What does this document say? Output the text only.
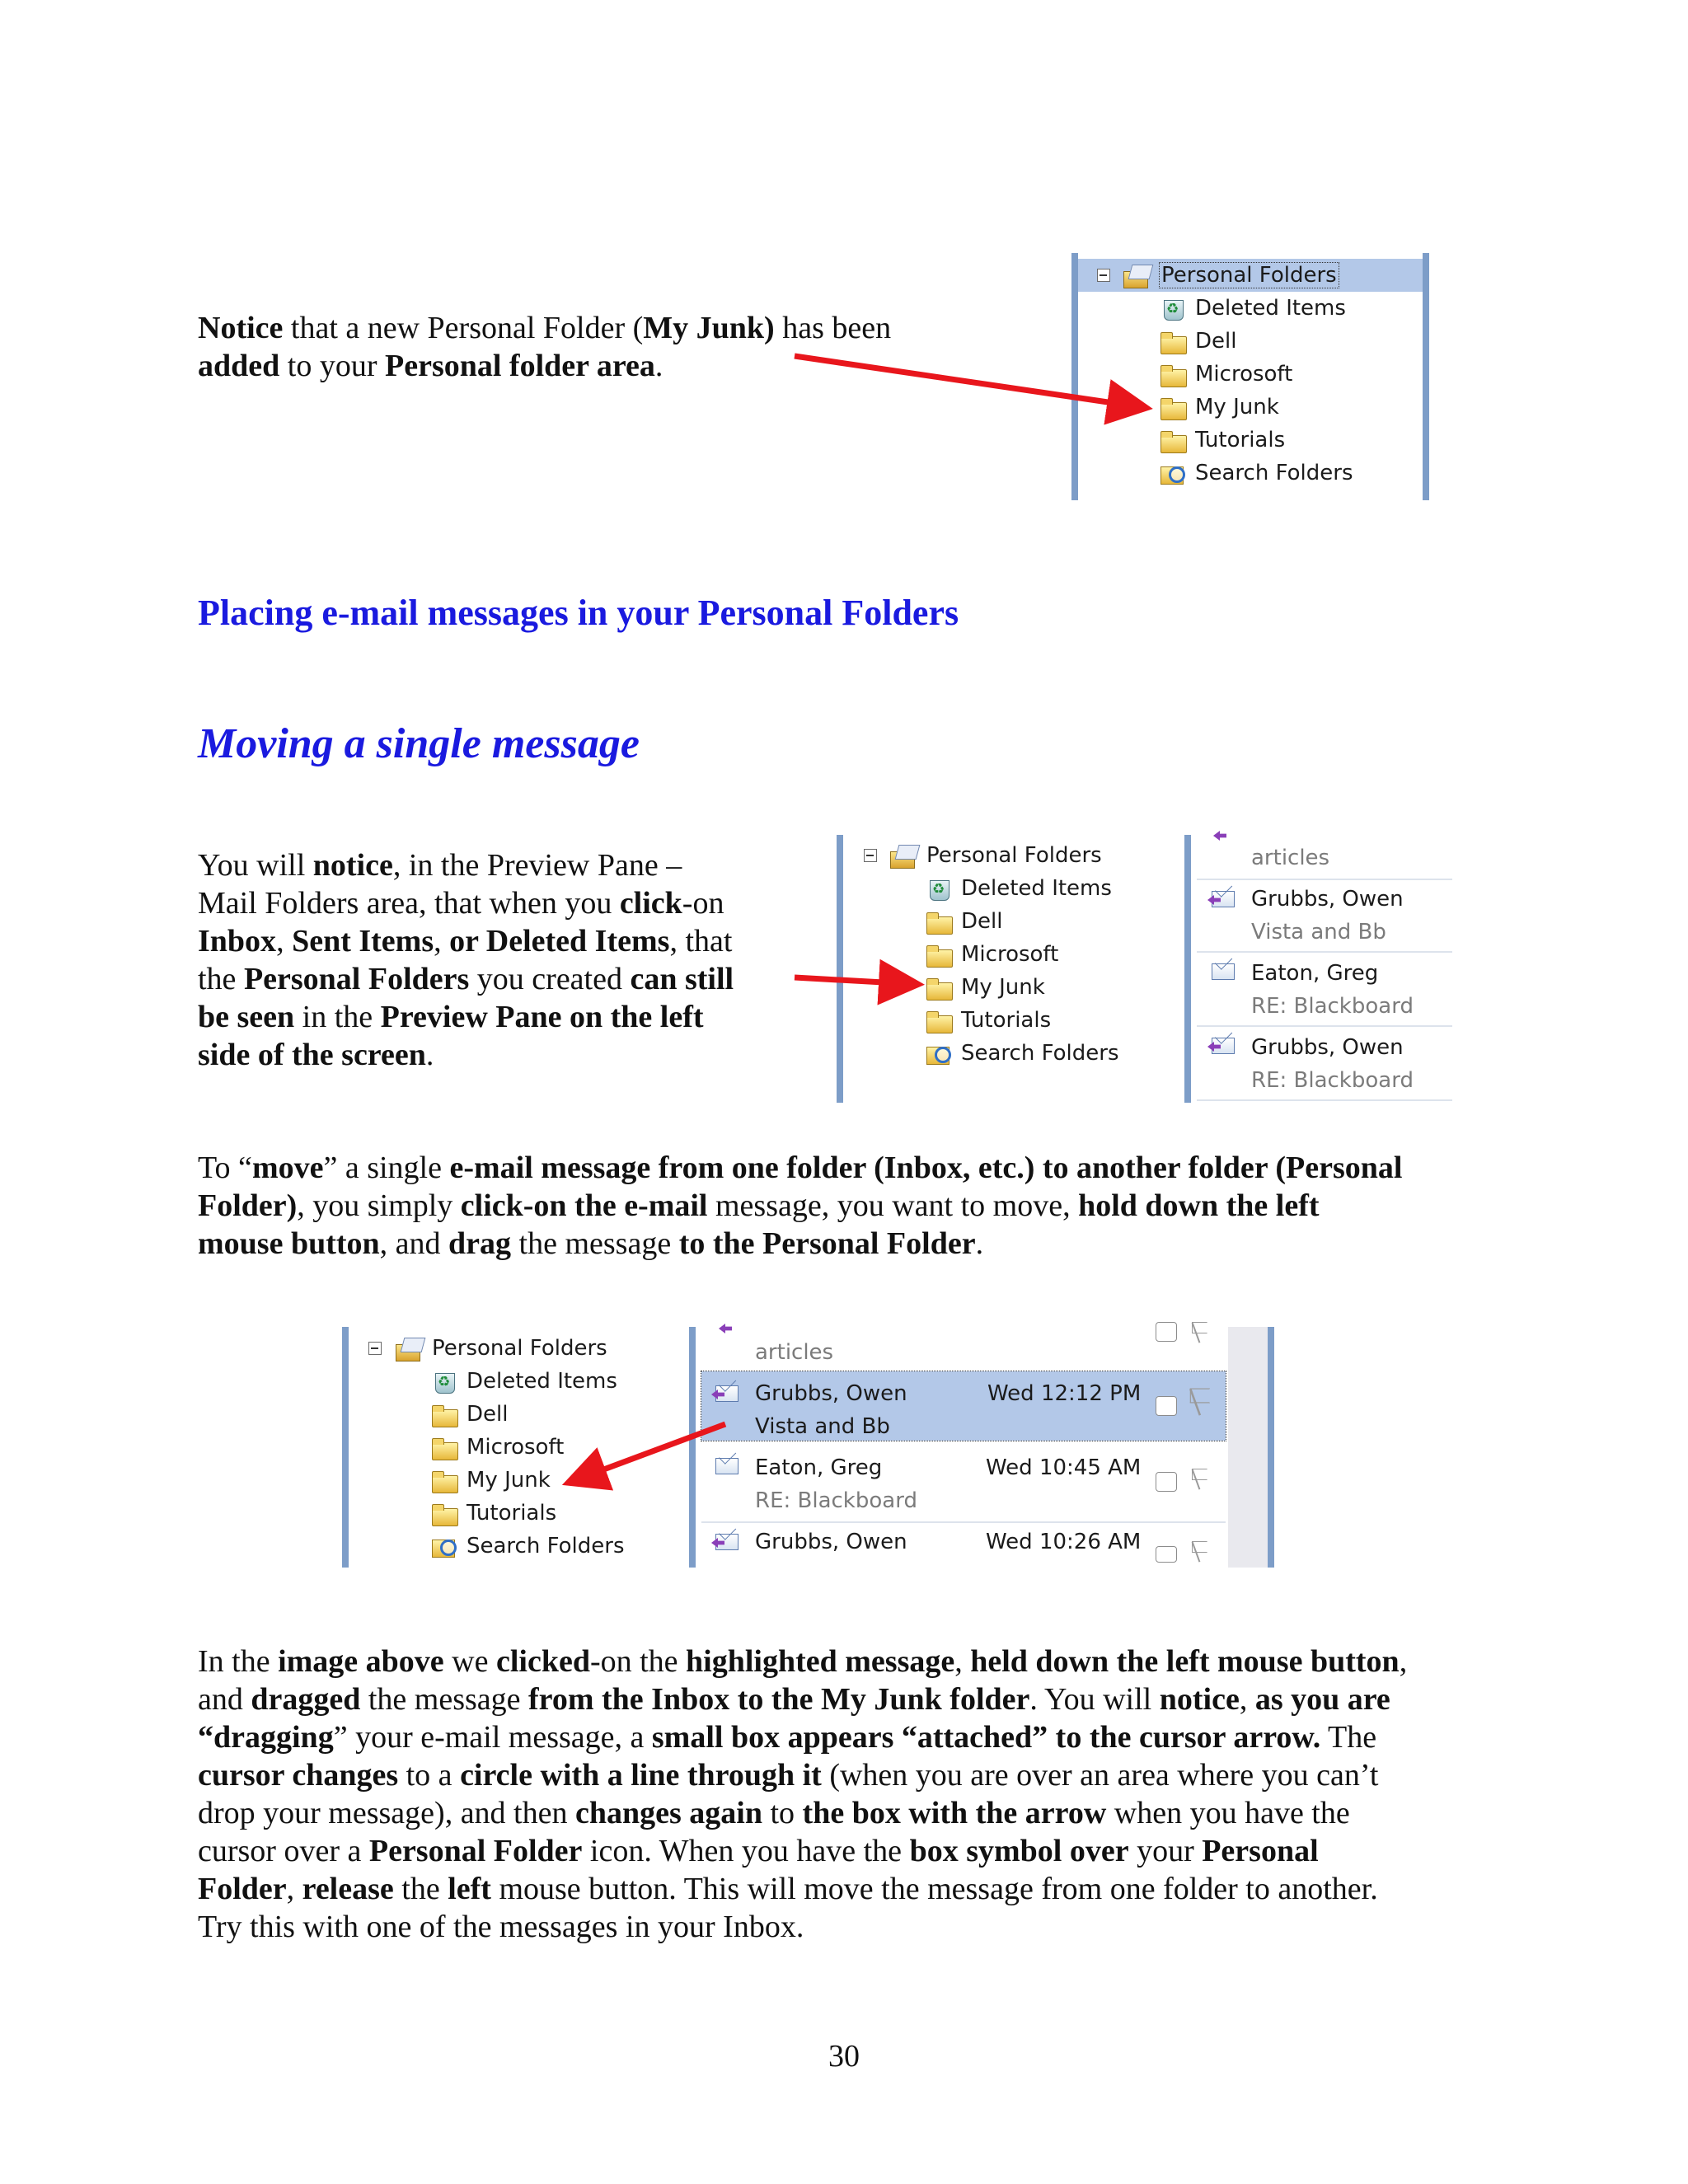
Notice that a new Personal Folder (My Junk) has been
added to your Personal folder area.
Personal Folders
♻
Deleted Items
Dell
Microsoft
My Junk
Tutorials
Search Folders
Placing e-mail messages in your Personal Folders
Moving a single message
You will notice, in the Preview Pane –
Mail Folders area, that when you click-on
Inbox, Sent Items, or Deleted Items, that
the Personal Folders you created can still
be seen in the Preview Pane on the left
side of the screen.
Personal Folders
♻
Deleted Items
Dell
Microsoft
My Junk
Tutorials
Search Folders
articles
Grubbs, Owen
Vista and Bb
Eaton, Greg
RE: Blackboard
Grubbs, Owen
RE: Blackboard
To “move” a single e-mail message from one folder (Inbox, etc.) to another folder (Personal
Folder), you simply click-on the e-mail message, you want to move, hold down the left
mouse button, and drag the message to the Personal Folder.
Personal Folders
♻
Deleted Items
Dell
Microsoft
My Junk
Tutorials
Search Folders
articles
Grubbs, Owen	Wed 12:12 PM
Vista and Bb
Eaton, Greg	Wed 10:45 AM
RE: Blackboard
Grubbs, Owen	Wed 10:26 AM
In the image above we clicked-on the highlighted message, held down the left mouse button,
and dragged the message from the Inbox to the My Junk folder. You will notice, as you are
“dragging” your e-mail message, a small box appears “attached” to the cursor arrow. The
cursor changes to a circle with a line through it (when you are over an area where you can’t
drop your message), and then changes again to the box with the arrow when you have the
cursor over a Personal Folder icon. When you have the box symbol over your Personal
Folder, release the left mouse button. This will move the message from one folder to another.
Try this with one of the messages in your Inbox.
30
